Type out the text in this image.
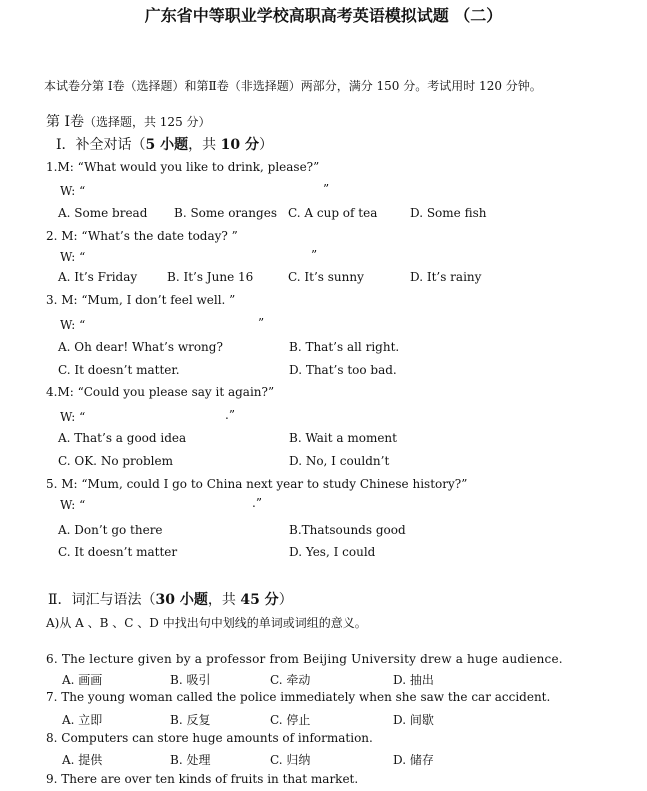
广东省中等职业学校高职高考英语模拟试题 （二）
本试卷分第 Ⅰ卷（选择题）和第Ⅱ卷（非选择题）两部分，满分 150 分。考试用时 120 分钟。
第 Ⅰ卷（选择题，共 125 分）
Ⅰ．补全对话（5 小题，共 10 分）
1.M: “What would you like to drink, please?”
W: “	”
A. Some bread B. Some oranges C. A cup of tea	D. Some fish
2. M: “What’s the date today? ”
W: “	”
A. It’s Friday B. It’s June 16	C. It’s sunny	D. It’s rainy
3. M: “Mum, I don’t feel well. ”
W: “	”
A. Oh dear! What’s wrong?	B. That’s all right.
C. It doesn’t matter.	D. That’s too bad.
4.M: “Could you please say it again?”
W: “	.”
A. That’s a good idea	B. Wait a moment
C. OK. No problem	D. No, I couldn’t
5. M: “Mum, could I go to China next year to study Chinese history?”
W: “	.”
A. Don’t go there	B.Thatsounds good
C. It doesn’t matter	D. Yes, I could
Ⅱ．词汇与语法（30 小题，共 45 分）
A)从 A 、B 、C 、D 中找出句中划线的单词或词组的意义。
6. The lecture given by a professor from Beijing University drew a huge audience.
A. 画画	B. 吸引	C. 牵动	D. 抽出
7. The young woman called the police immediately when she saw the car accident.
A. 立即	B. 反复	C. 停止	D. 间歇
8. Computers can store huge amounts of information.
A. 提供	B. 处理	C. 归纳	D. 储存
9. There are over ten kinds of fruits in that market.
